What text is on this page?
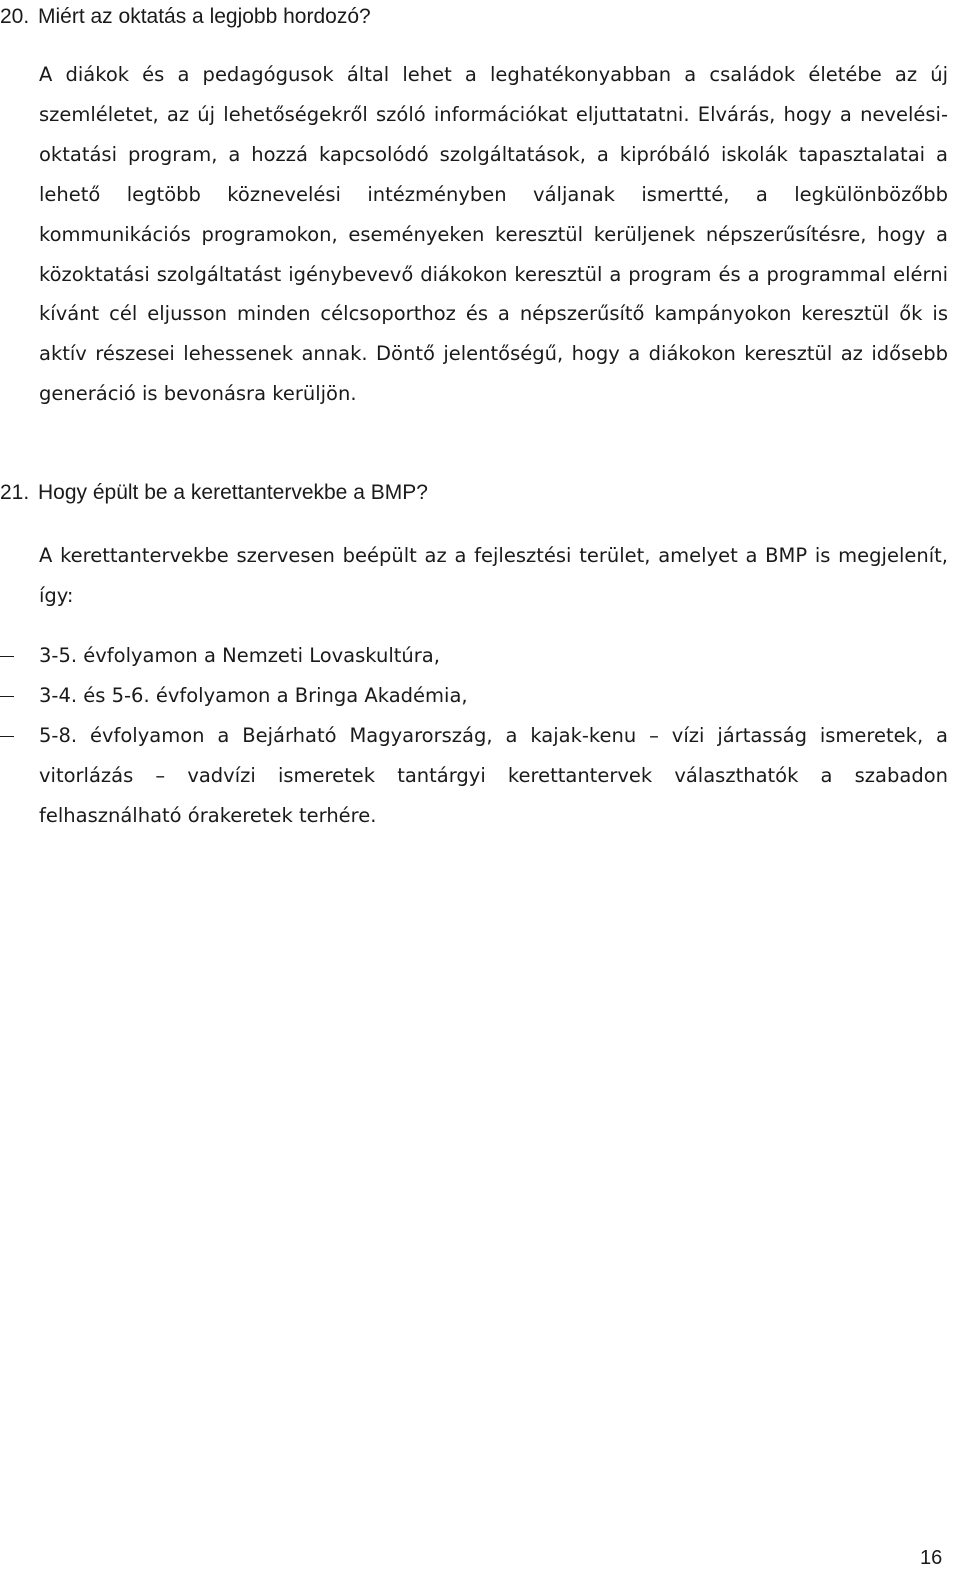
20. Miért az oktatás a legjobb hordozó?

A diákok és a pedagógusok által lehet a leghatékonyabban a családok életébe az új szemléletet, az új lehetőségekről szóló információkat eljuttatatni. Elvárás, hogy a nevelési-oktatási program, a hozzá kapcsolódó szolgáltatások, a kipróbáló iskolák tapasztalatai a lehető legtöbb köznevelési intézményben váljanak ismertté, a legkülönbözőbb kommunikációs programokon, eseményeken keresztül kerüljenek népszerűsítésre, hogy a közoktatási szolgáltatást igénybevevő diákokon keresztül a program és a programmal elérni kívánt cél eljusson minden célcsoporthoz és a népszerűsítő kampányokon keresztül ők is aktív részesei lehessenek annak. Döntő jelentőségű, hogy a diákokon keresztül az idősebb generáció is bevonásra kerüljön.

21. Hogy épült be a kerettantervekbe a BMP?

A kerettantervekbe szervesen beépült az a fejlesztési terület, amelyet a BMP is megjelenít, így:

3-5. évfolyamon a Nemzeti Lovaskultúra,
3-4. és 5-6. évfolyamon a Bringa Akadémia,
5-8. évfolyamon a Bejárható Magyarország, a kajak-kenu – vízi jártasság ismeretek, a vitorlázás – vadvízi ismeretek tantárgyi kerettantervek választhatók a szabadon felhasználható órakeretek terhére.
16
